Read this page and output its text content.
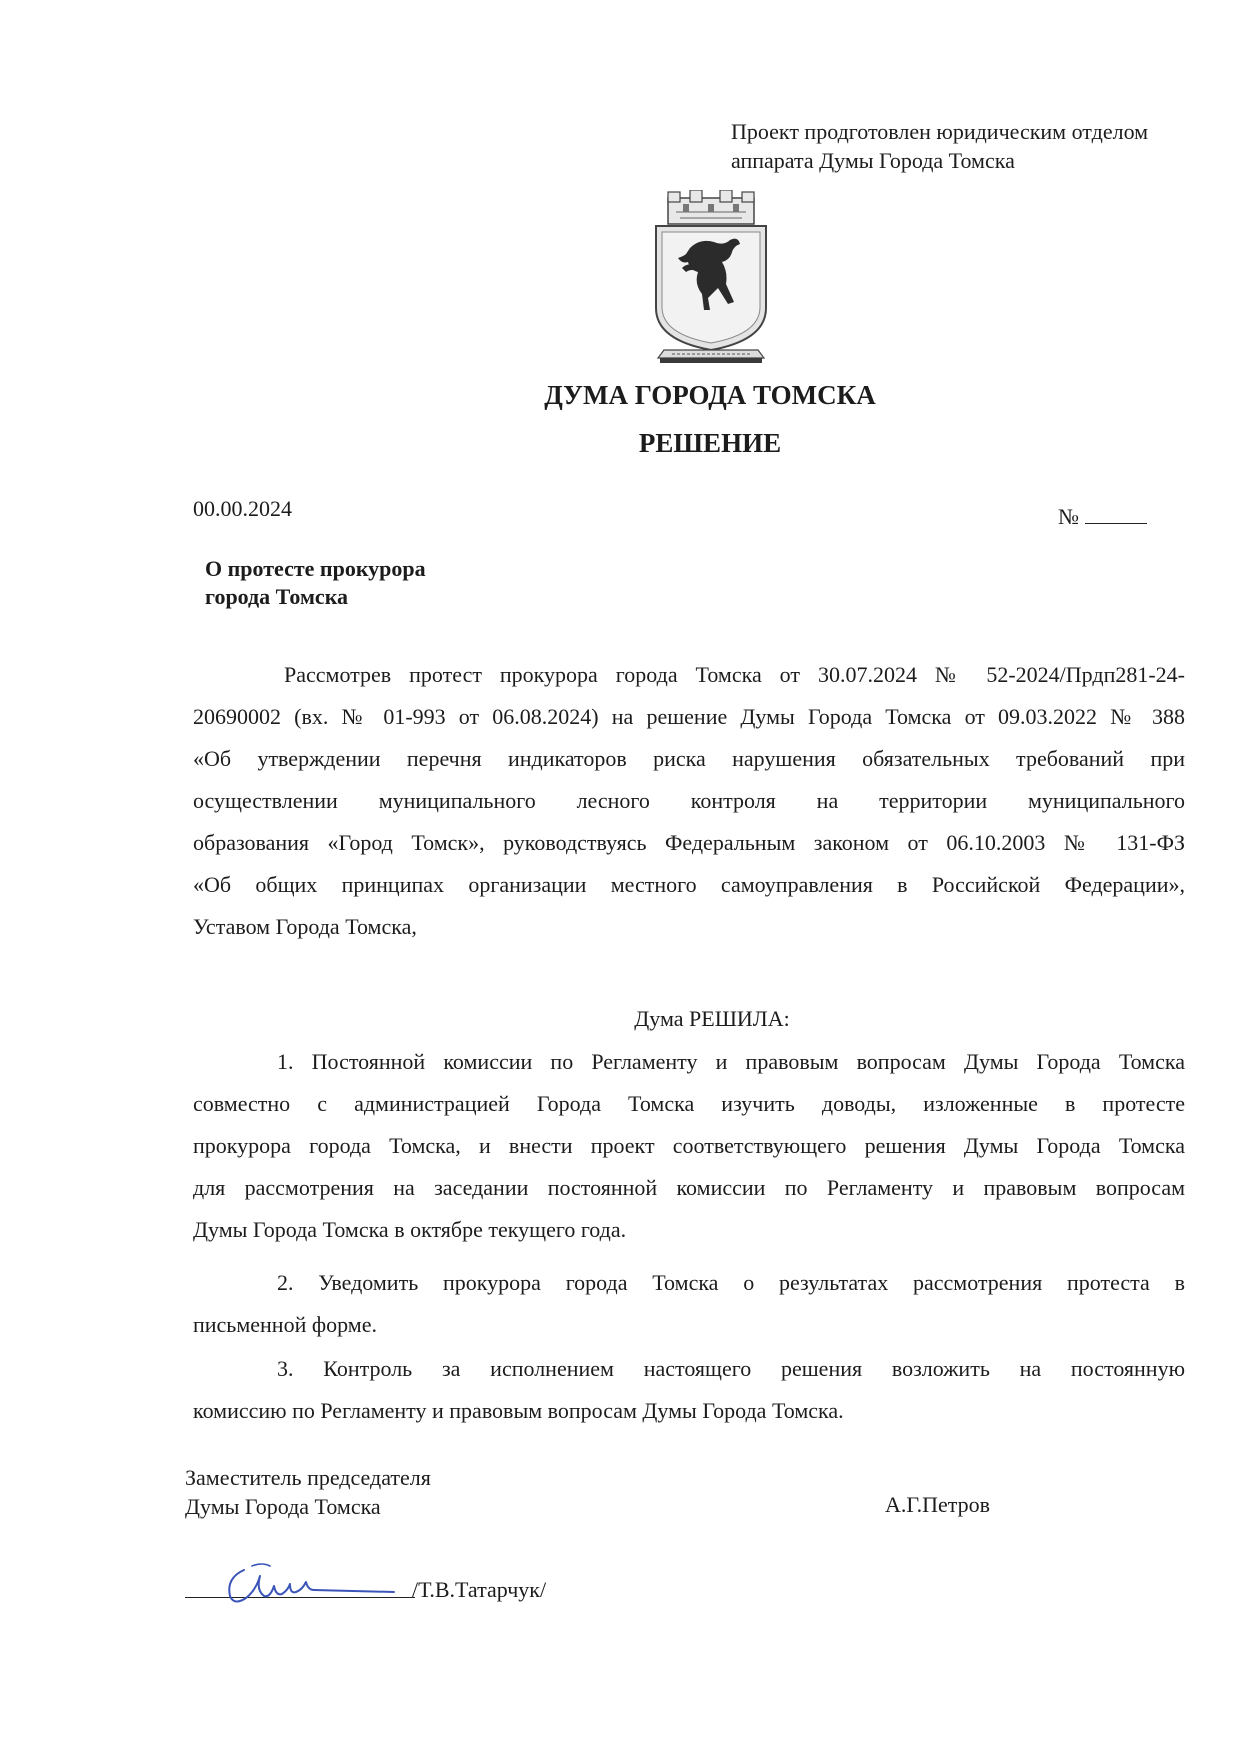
Проект продготовлен юридическим отделом
аппарата Думы Города Томска
ДУМА ГОРОДА ТОМСКА
РЕШЕНИЕ
00.00.2024	№
О протесте прокурора
города Томска
Рассмотрев протест прокурора города Томска от 30.07.2024 № 52-2024/Прдп281-24-
20690002 (вх. № 01-993 от 06.08.2024) на решение Думы Города Томска от 09.03.2022 № 388
«Об утверждении перечня индикаторов риска нарушения обязательных требований при
осуществлении муниципального лесного контроля на территории муниципального
образования «Город Томск», руководствуясь Федеральным законом от 06.10.2003 № 131-ФЗ
«Об общих принципах организации местного самоуправления в Российской Федерации»,
Уставом Города Томска,
Дума РЕШИЛА:
1. Постоянной комиссии по Регламенту и правовым вопросам Думы Города Томска
совместно с администрацией Города Томска изучить доводы, изложенные в протесте
прокурора города Томска, и внести проект соответствующего решения Думы Города Томска
для рассмотрения на заседании постоянной комиссии по Регламенту и правовым вопросам
Думы Города Томска в октябре текущего года.
2. Уведомить прокурора города Томска о результатах рассмотрения протеста в
письменной форме.
3. Контроль за исполнением настоящего решения возложить на постоянную
комиссию по Регламенту и правовым вопросам Думы Города Томска.
Заместитель председателя
Думы Города Томска	А.Г.Петров
/Т.В.Татарчук/
